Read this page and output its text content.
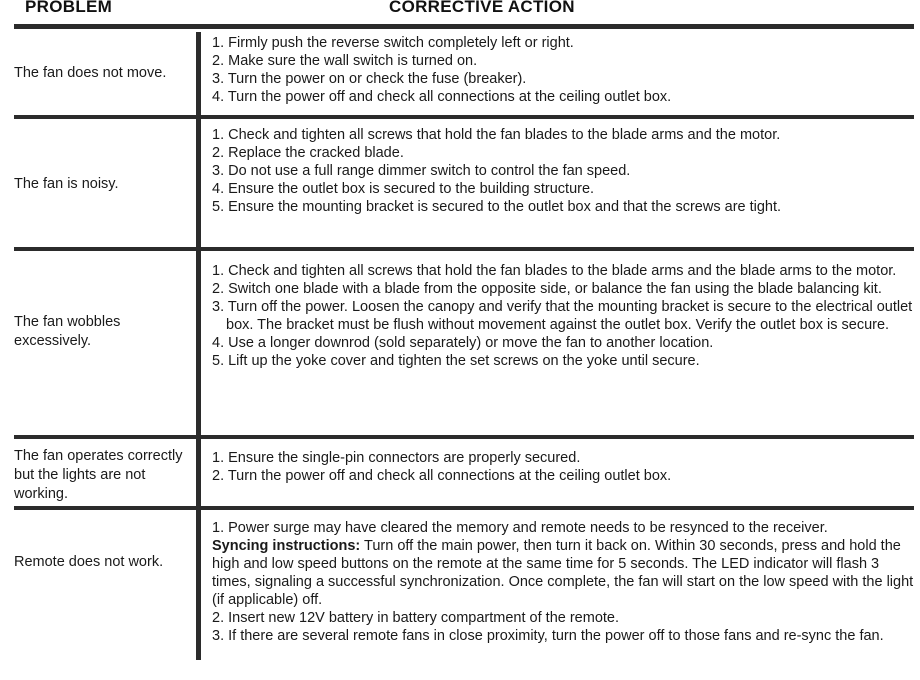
PROBLEM	CORRECTIVE ACTION
The fan does not move.
1. Firmly push the reverse switch completely left or right.
2. Make sure the wall switch is turned on.
3. Turn the power on or check the fuse (breaker).
4. Turn the power off and check all connections at the ceiling outlet box.
The fan is noisy.
1. Check and tighten all screws that hold the fan blades to the blade arms and the motor.
2. Replace the cracked blade.
3. Do not use a full range dimmer switch to control the fan speed.
4. Ensure the outlet box is secured to the building structure.
5. Ensure the mounting bracket is secured to the outlet box and that the screws are tight.
The fan wobbles excessively.
1. Check and tighten all screws that hold the fan blades to the blade arms and the blade arms to the motor.
2. Switch one blade with a blade from the opposite side, or balance the fan using the blade balancing kit.
3. Turn off the power. Loosen the canopy and verify that the mounting bracket is secure to the electrical outlet box. The bracket must be flush without movement against the outlet box. Verify the outlet box is secure.
4. Use a longer downrod (sold separately) or move the fan to another location.
5. Lift up the yoke cover and tighten the set screws on the yoke until secure.
The fan operates correctly but the lights are not working.
1. Ensure the single-pin connectors are properly secured.
2. Turn the power off and check all connections at the ceiling outlet box.
Remote does not work.

1. Power surge may have cleared the memory and remote needs to be resynced to the receiver.

Syncing instructions: Turn off the main power, then turn it back on. Within 30 seconds, press and hold the high and low speed buttons on the remote at the same time for 5 seconds. The LED indicator will flash 3 times, signaling a successful synchronization. Once complete, the fan will start on the low speed with the light (if applicable) off.

2. Insert new 12V battery in battery compartment of the remote.

3. If there are several remote fans in close proximity, turn the power off to those fans and re-sync the fan.
